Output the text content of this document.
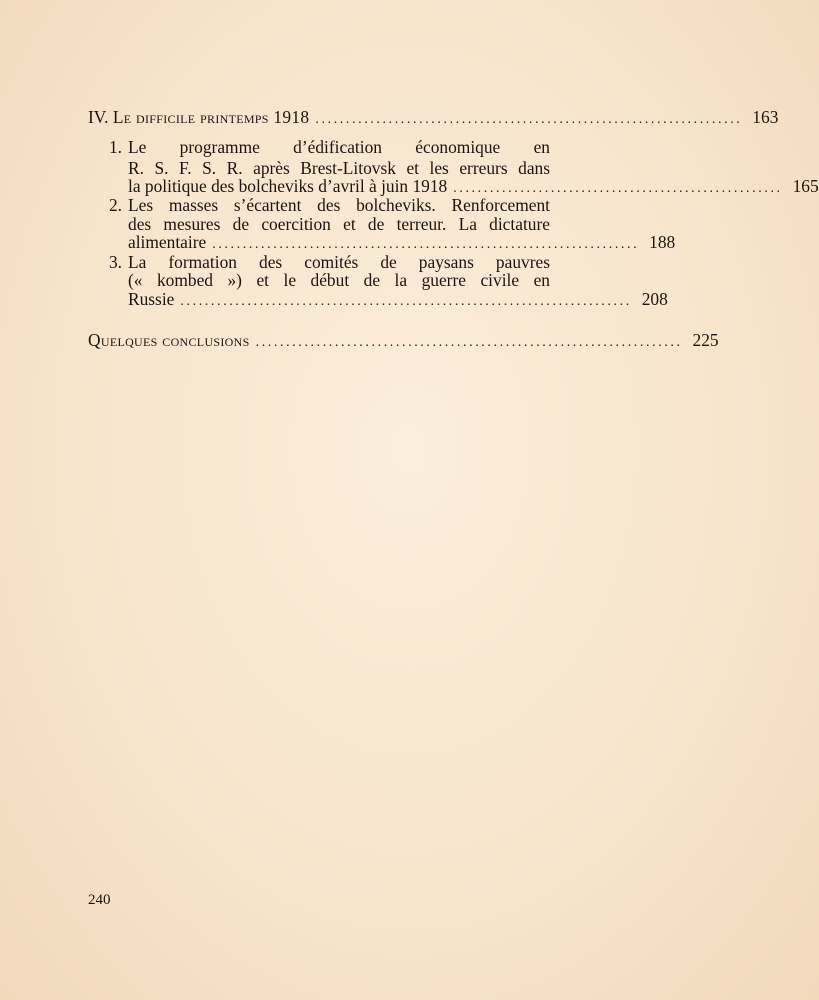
IV. Le difficile printemps 1918 ...................................................................... 163
1. Le programme d’édification économique en
R. S. F. S. R. après Brest-Litovsk et les erreurs dans
la politique des bolcheviks d’avril à juin 1918 ...................................................... 165
2. Les masses s’écartent des bolcheviks. Renforcement
des mesures de coercition et de terreur. La dictature
alimentaire ...................................................................... 188
3. La formation des comités de paysans pauvres
(« kombed ») et le début de la guerre civile en
Russie .......................................................................... 208
Quelques conclusions ...................................................................... 225
240
